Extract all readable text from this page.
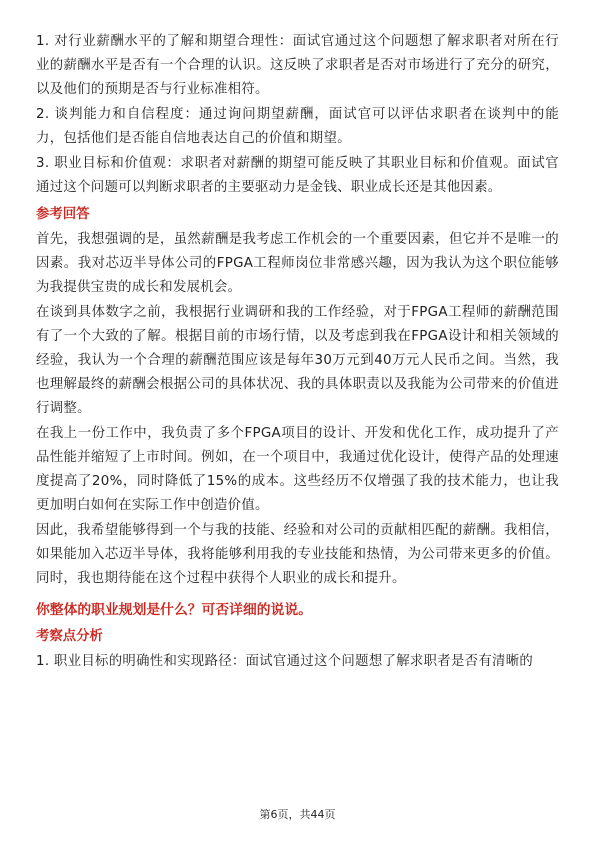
1. 对行业薪酬水平的了解和期望合理性：面试官通过这个问题想了解求职者对所在行业的薪酬水平是否有一个合理的认识。这反映了求职者是否对市场进行了充分的研究，以及他们的预期是否与行业标准相符。

2. 谈判能力和自信程度：通过询问期望薪酬，面试官可以评估求职者在谈判中的能力，包括他们是否能自信地表达自己的价值和期望。

3. 职业目标和价值观：求职者对薪酬的期望可能反映了其职业目标和价值观。面试官通过这个问题可以判断求职者的主要驱动力是金钱、职业成长还是其他因素。

参考回答

首先，我想强调的是，虽然薪酬是我考虑工作机会的一个重要因素，但它并不是唯一的因素。我对芯迈半导体公司的FPGA工程师岗位非常感兴趣，因为我认为这个职位能够为我提供宝贵的成长和发展机会。

在谈到具体数字之前，我根据行业调研和我的工作经验，对于FPGA工程师的薪酬范围有了一个大致的了解。根据目前的市场行情，以及考虑到我在FPGA设计和相关领域的经验，我认为一个合理的薪酬范围应该是每年30万元到40万元人民币之间。当然，我也理解最终的薪酬会根据公司的具体状况、我的具体职责以及我能为公司带来的价值进行调整。

在我上一份工作中，我负责了多个FPGA项目的设计、开发和优化工作，成功提升了产品性能并缩短了上市时间。例如，在一个项目中，我通过优化设计，使得产品的处理速度提高了20%，同时降低了15%的成本。这些经历不仅增强了我的技术能力，也让我更加明白如何在实际工作中创造价值。

因此，我希望能够得到一个与我的技能、经验和对公司的贡献相匹配的薪酬。我相信，如果能加入芯迈半导体，我将能够利用我的专业技能和热情，为公司带来更多的价值。同时，我也期待能在这个过程中获得个人职业的成长和提升。

你整体的职业规划是什么？可否详细的说说。
考察点分析

1. 职业目标的明确性和实现路径：面试官通过这个问题想了解求职者是否有清晰的

第6页，共44页
